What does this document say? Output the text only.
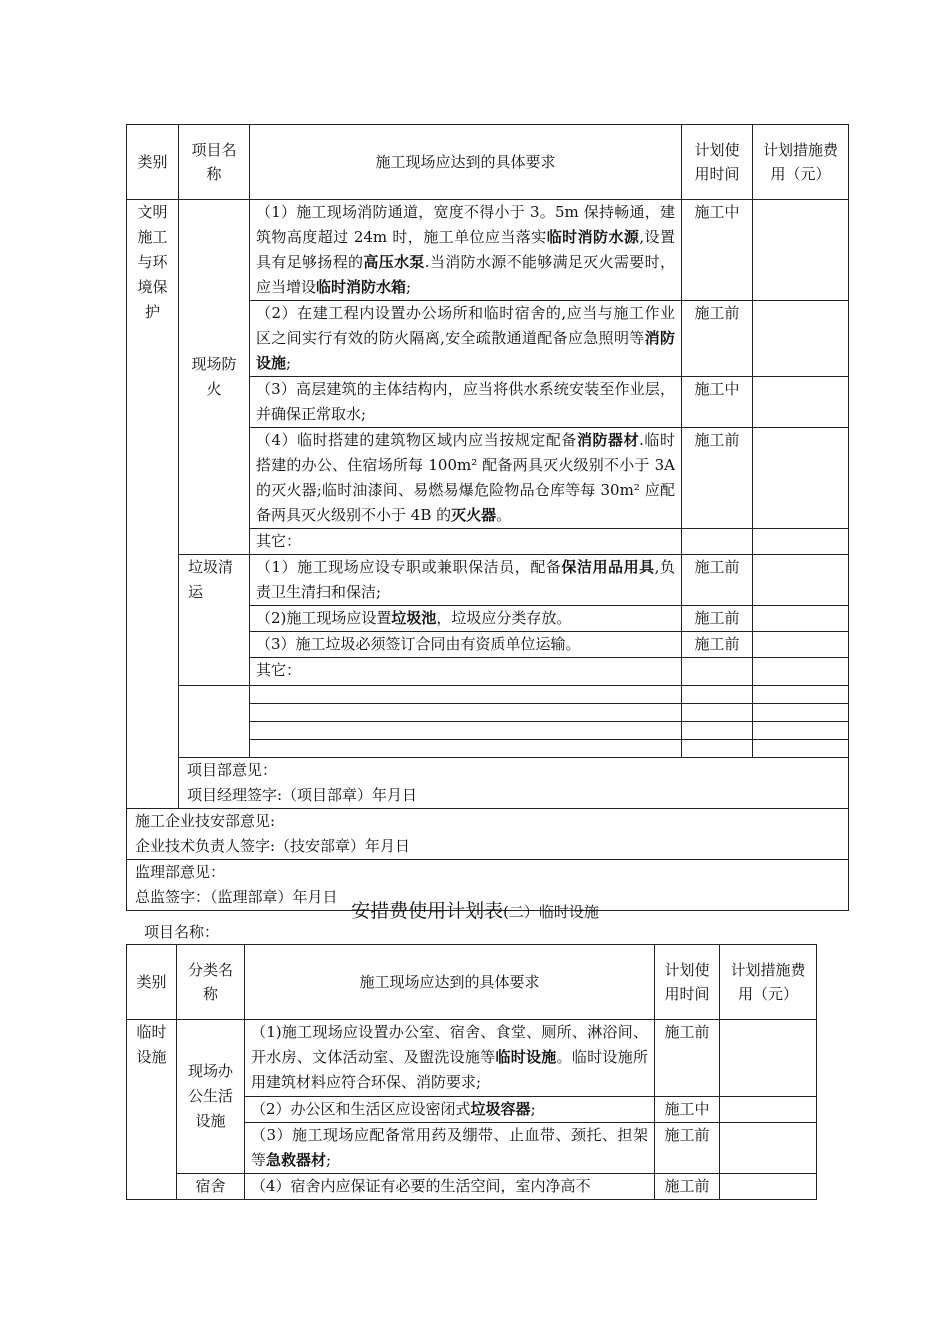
类别	项目名称	施工现场应达到的具体要求	计划使用时间	计划措施费用（元）
文明施工与环境保护	现场防火	（1）施工现场消防通道，宽度不得小于 3。5m 保持畅通，建筑物高度超过 24m 时，施工单位应当落实临时消防水源,设置具有足够扬程的高压水泵.当消防水源不能够满足灭火需要时，应当增设临时消防水箱;	施工中	
		（2）在建工程内设置办公场所和临时宿舍的,应当与施工作业区之间实行有效的防火隔离,安全疏散通道配备应急照明等消防设施;	施工前	
		（3）高层建筑的主体结构内，应当将供水系统安装至作业层，并确保正常取水;	施工中	
		（4）临时搭建的建筑物区域内应当按规定配备消防器材.临时搭建的办公、住宿场所每 100m² 配备两具灭火级别不小于 3A 的灭火器;临时油漆间、易燃易爆危险物品仓库等每 30m² 应配备两具灭火级别不小于 4B 的灭火器。	施工前	
		其它：		
	垃圾清运	（1）施工现场应设专职或兼职保洁员，配备保洁用品用具,负责卫生清扫和保洁;	施工前	
		（2)施工现场应设置垃圾池，垃圾应分类存放。	施工前	
		（3）施工垃圾必须签订合同由有资质单位运输。	施工前	
		其它：		

	项目部意见：
项目经理签字:（项目部章）年月日			

施工企业技安部意见:
企业技术负责人签字:（技安部章）年月日				

监理部意见：
总监签字：（监理部章）年月日				
安措费使用计划表(二）临时设施
项目名称：
类别	分类名称	施工现场应达到的具体要求	计划使用时间	计划措施费用（元）
临时设施	现场办公生活设施	（1)施工现场应设置办公室、宿舍、食堂、厕所、淋浴间、开水房、文体活动室、及盥洗设施等临时设施。临时设施所用建筑材料应符合环保、消防要求;	施工前	
		（2）办公区和生活区应设密闭式垃圾容器;	施工中	
		（3）施工现场应配备常用药及绷带、止血带、颈托、担架等急救器材;	施工前	
	宿舍	（4）宿舍内应保证有必要的生活空间，室内净高不	施工前	
